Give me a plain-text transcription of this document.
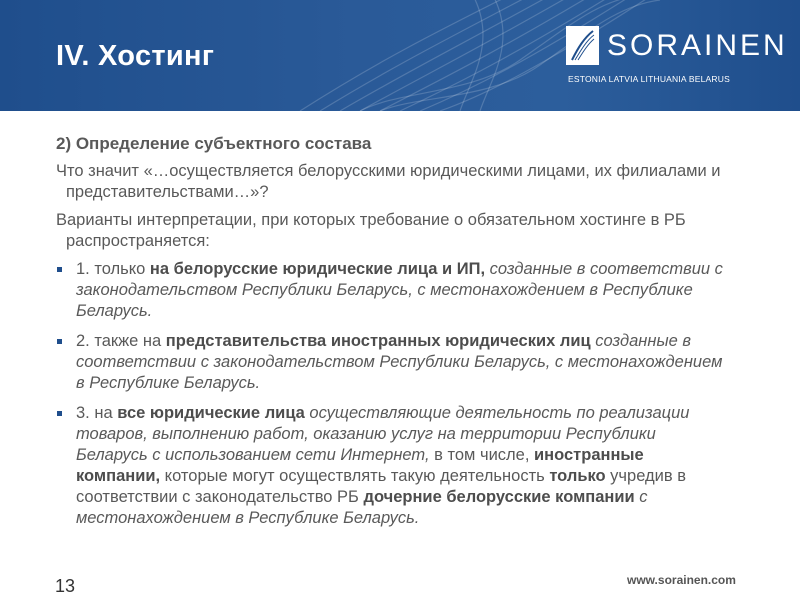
IV. Хостинг	SORAINEN
ESTONIA LATVIA LITHUANIA BELARUS

2) Определение субъектного состава

Что значит «…осуществляется белорусскими юридическими лицами, их филиалами и представительствами…»?

Варианты интерпретации, при которых требование о обязательном хостинге в РБ распространяется:

1. только на белорусские юридические лица и ИП, созданные в соответствии с законодательством Республики Беларусь, с местонахождением в Республике Беларусь.
2. также на представительства иностранных юридических лиц созданные в соответствии с законодательством Республики Беларусь, с местонахождением в Республике Беларусь.
3. на все юридические лица осуществляющие деятельность по реализации товаров, выполнению работ, оказанию услуг на территории Республики Беларусь с использованием сети Интернет, в том числе, иностранные компании, которые могут осуществлять такую деятельность только учредив в соответствии с законодательство РБ дочерние белорусские компании с местонахождением в Республике Беларусь.
www.sorainen.com
13
